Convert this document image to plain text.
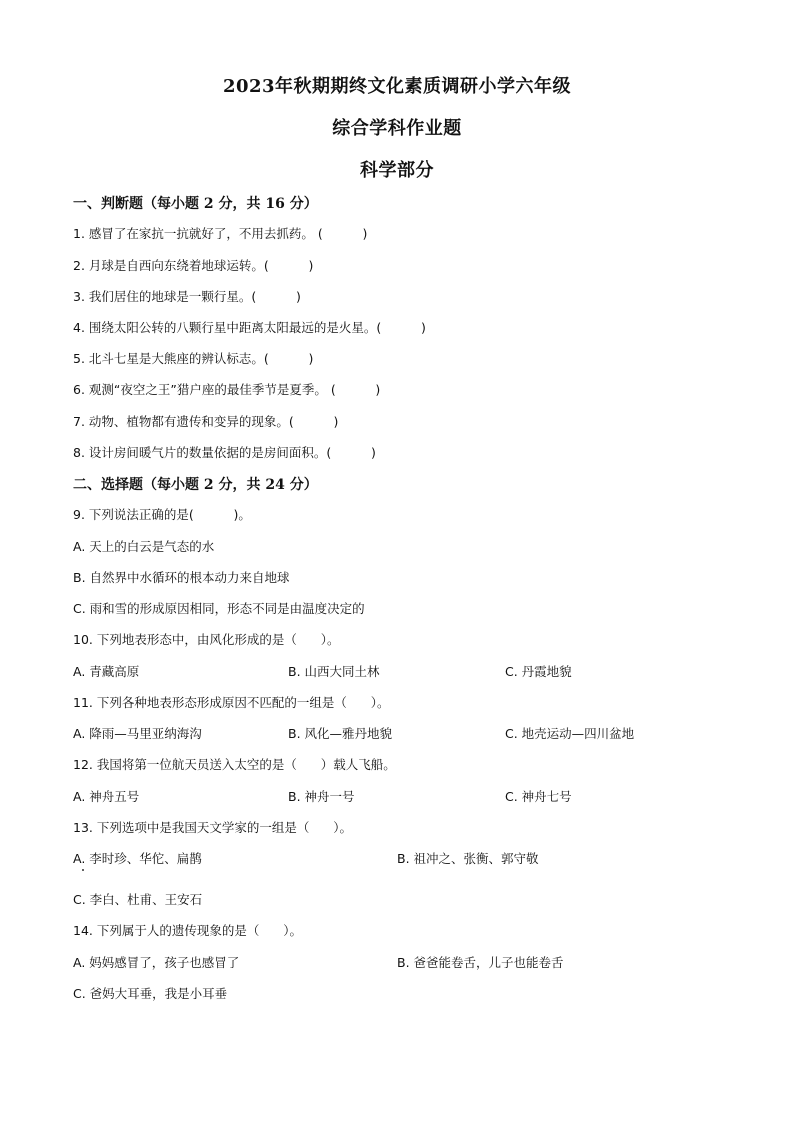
2023年秋期期终文化素质调研小学六年级
综合学科作业题
科学部分
一、判断题（每小题 2 分，共 16 分）
1. 感冒了在家抗一抗就好了，不用去抓药。 (          )
2. 月球是自西向东绕着地球运转。(          )
3. 我们居住的地球是一颗行星。(          )
4. 围绕太阳公转的八颗行星中距离太阳最远的是火星。(          )
5. 北斗七星是大熊座的辨认标志。(          )
6. 观测“夜空之王”猎户座的最佳季节是夏季。 (          )
7. 动物、植物都有遗传和变异的现象。(          )
8. 设计房间暖气片的数量依据的是房间面积。(          )
二、选择题（每小题 2 分，共 24 分）
9. 下列说法正确的是(          )。
A. 天上的白云是气态的水
B. 自然界中水循环的根本动力来自地球
C. 雨和雪的形成原因相同，形态不同是由温度决定的
10. 下列地表形态中，由风化形成的是（      ）。
A. 青藏高原	B. 山西大同土林	C. 丹霞地貌
11. 下列各种地表形态形成原因不匹配的一组是（      ）。
A. 降雨—马里亚纳海沟	B. 风化—雅丹地貌	C. 地壳运动—四川盆地
12. 我国将第一位航天员送入太空的是（      ）载人飞船。
A. 神舟五号	B. 神舟一号	C. 神舟七号
13. 下列选项中是我国天文学家的一组是（      ）。
A. 李时珍、华佗、扁鹊	B. 祖冲之、张衡、郭守敬
C. 李白、杜甫、王安石
14. 下列属于人的遗传现象的是（      ）。
A. 妈妈感冒了，孩子也感冒了	B. 爸爸能卷舌，儿子也能卷舌
C. 爸妈大耳垂，我是小耳垂
